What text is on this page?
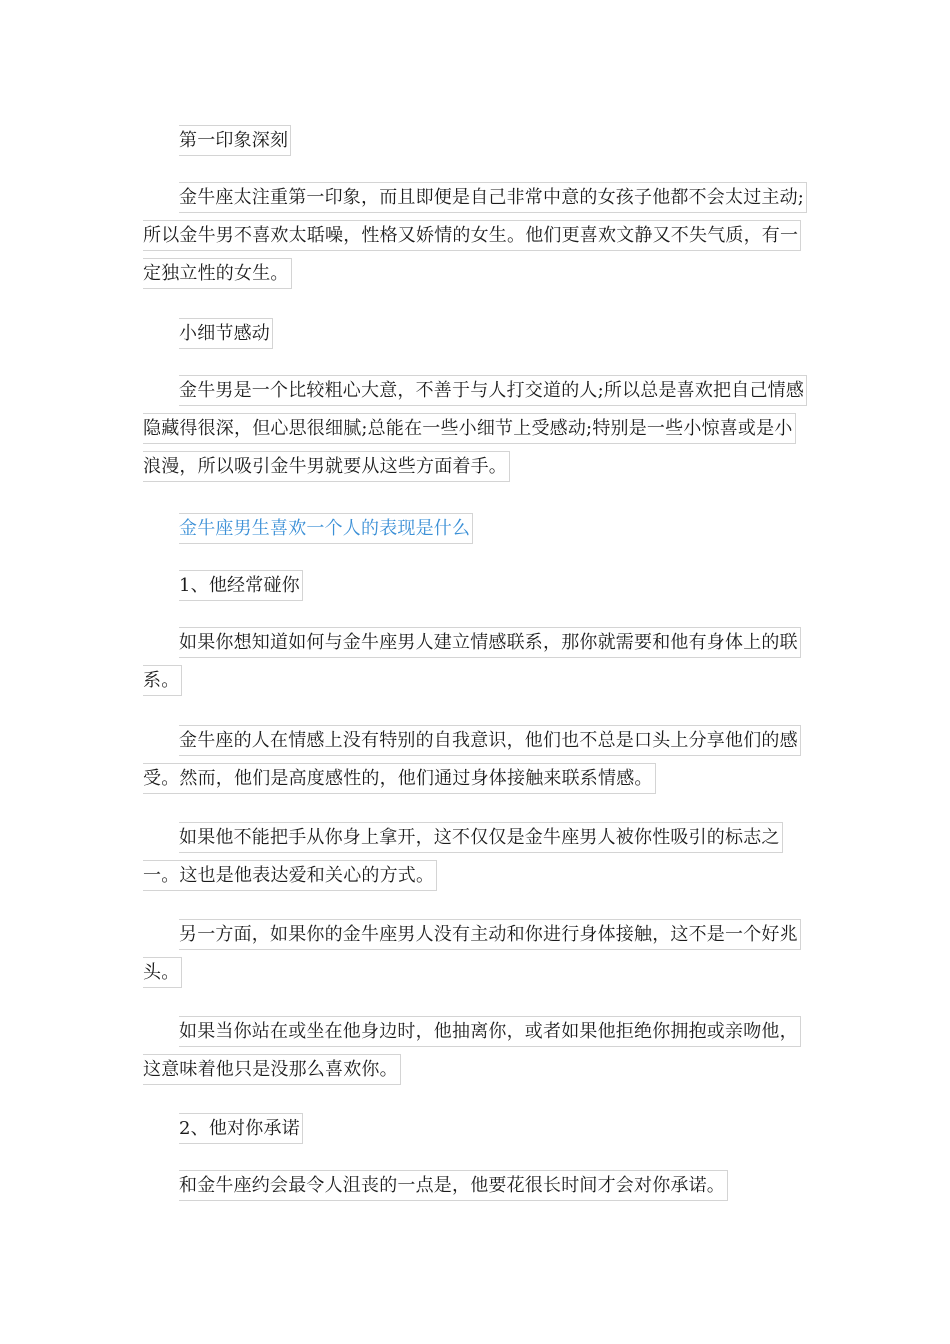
第一印象深刻

金牛座太注重第一印象，而且即便是自己非常中意的女孩子他都不会太过主动;所以金牛男不喜欢太聒噪，性格又娇情的女生。他们更喜欢文静又不失气质，有一定独立性的女生。

小细节感动

金牛男是一个比较粗心大意，不善于与人打交道的人;所以总是喜欢把自己情感隐藏得很深，但心思很细腻;总能在一些小细节上受感动;特别是一些小惊喜或是小浪漫，所以吸引金牛男就要从这些方面着手。

金牛座男生喜欢一个人的表现是什么

1、他经常碰你

如果你想知道如何与金牛座男人建立情感联系，那你就需要和他有身体上的联系。

金牛座的人在情感上没有特别的自我意识，他们也不总是口头上分享他们的感受。然而，他们是高度感性的，他们通过身体接触来联系情感。

如果他不能把手从你身上拿开，这不仅仅是金牛座男人被你性吸引的标志之一。这也是他表达爱和关心的方式。

另一方面，如果你的金牛座男人没有主动和你进行身体接触，这不是一个好兆头。

如果当你站在或坐在他身边时，他抽离你，或者如果他拒绝你拥抱或亲吻他，这意味着他只是没那么喜欢你。

2、他对你承诺

和金牛座约会最令人沮丧的一点是，他要花很长时间才会对你承诺。
